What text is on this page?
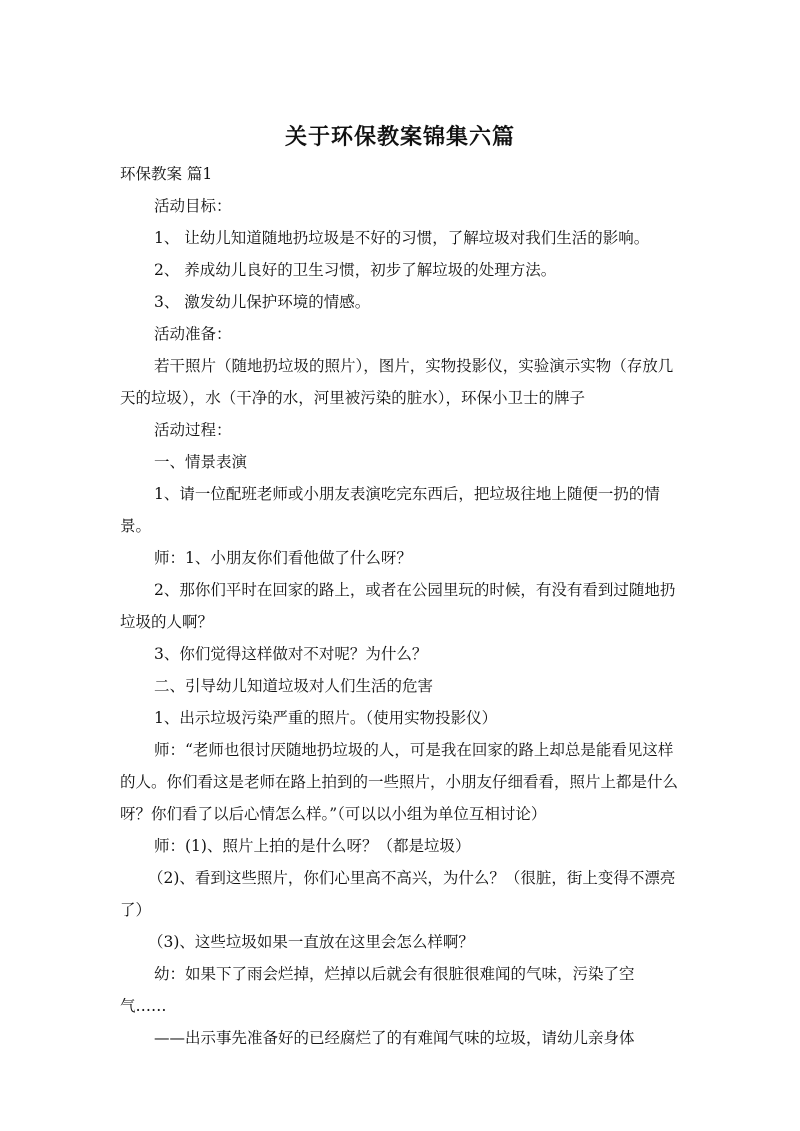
关于环保教案锦集六篇

环保教案 篇1

活动目标：

1、 让幼儿知道随地扔垃圾是不好的习惯，了解垃圾对我们生活的影响。

2、 养成幼儿良好的卫生习惯，初步了解垃圾的处理方法。

3、 激发幼儿保护环境的情感。

活动准备：

若干照片（随地扔垃圾的照片），图片，实物投影仪，实验演示实物（存放几天的垃圾），水（干净的水，河里被污染的脏水），环保小卫士的牌子

活动过程：

一、情景表演

1、请一位配班老师或小朋友表演吃完东西后，把垃圾往地上随便一扔的情景。

师：1、小朋友你们看他做了什么呀？

2、那你们平时在回家的路上，或者在公园里玩的时候，有没有看到过随地扔垃圾的人啊？

3、你们觉得这样做对不对呢？为什么？

二、引导幼儿知道垃圾对人们生活的危害

1、出示垃圾污染严重的照片。（使用实物投影仪）

师：“老师也很讨厌随地扔垃圾的人，可是我在回家的路上却总是能看见这样的人。你们看这是老师在路上拍到的一些照片，小朋友仔细看看，照片上都是什么呀？你们看了以后心情怎么样。”（可以以小组为单位互相讨论）

师：(1)、照片上拍的是什么呀？（都是垃圾）

（2)、看到这些照片，你们心里高不高兴，为什么？（很脏，街上变得不漂亮了）

（3)、这些垃圾如果一直放在这里会怎么样啊？

幼：如果下了雨会烂掉，烂掉以后就会有很脏很难闻的气味，污染了空气……

——出示事先准备好的已经腐烂了的有难闻气味的垃圾，请幼儿亲身体
